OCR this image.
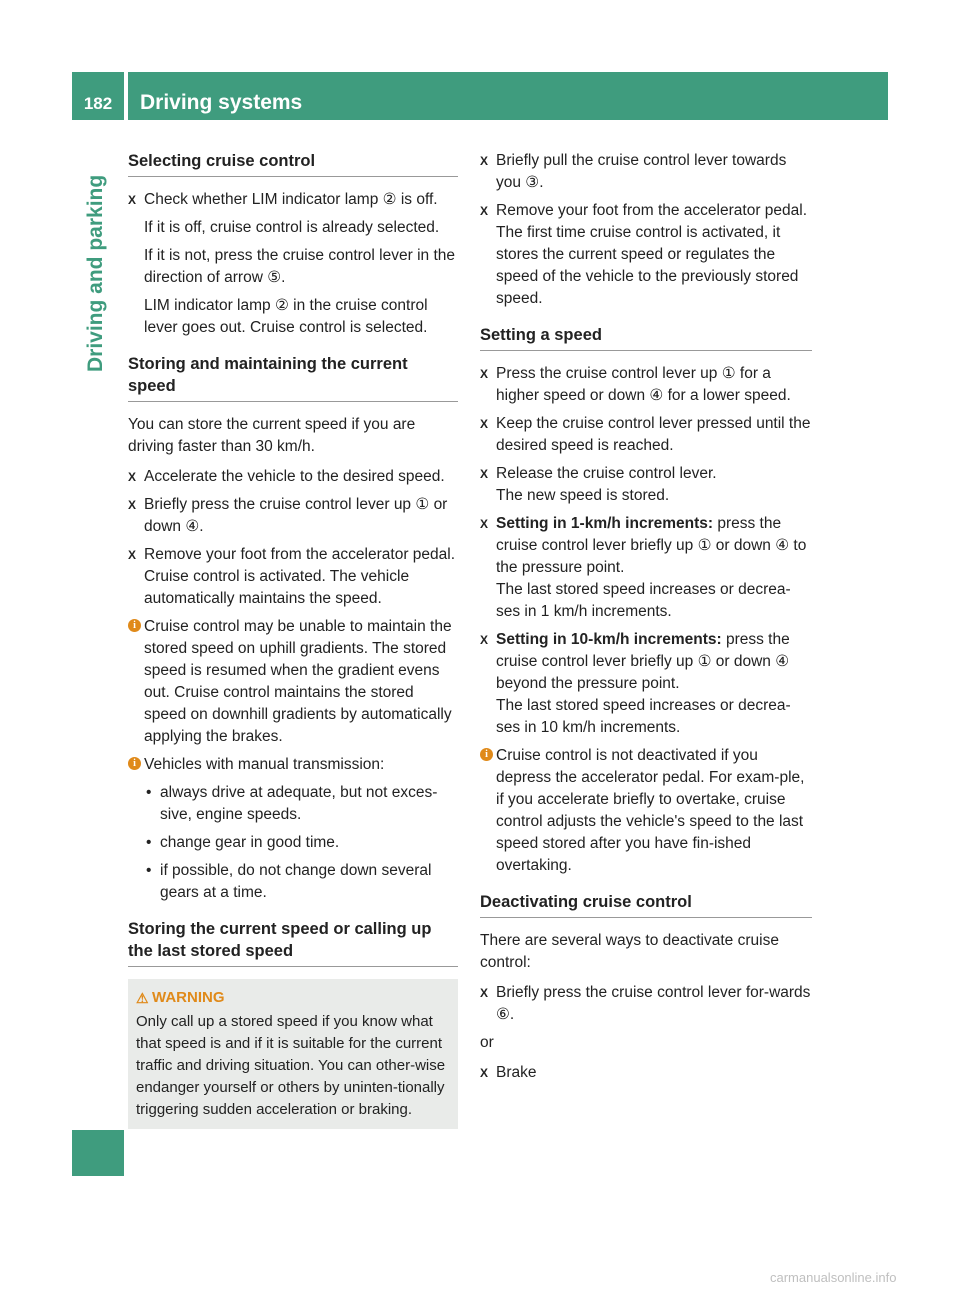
182	Driving systems
Selecting cruise control
X Check whether LIM indicator lamp ② is off.

If it is off, cruise control is already selected.

If it is not, press the cruise control lever in the direction of arrow ⑤.

LIM indicator lamp ② in the cruise control lever goes out. Cruise control is selected.

Storing and maintaining the current speed

You can store the current speed if you are driving faster than 30 km/h.

X Accelerate the vehicle to the desired speed.
X Briefly press the cruise control lever up ① or down ④.
X Remove your foot from the accelerator pedal.

Cruise control is activated. The vehicle automatically maintains the speed.

i Cruise control may be unable to maintain the stored speed on uphill gradients. The stored speed is resumed when the gradient evens out. Cruise control maintains the stored speed on downhill gradients by automatically applying the brakes.
i Vehicles with manual transmission:
• always drive at adequate, but not exces-sive, engine speeds.
• change gear in good time.
• if possible, do not change down several gears at a time.
Storing the current speed or calling up the last stored speed
⚠ WARNING
Only call up a stored speed if you know what that speed is and if it is suitable for the current traffic and driving situation. You can other-wise endanger yourself or others by uninten-tionally triggering sudden acceleration or braking.
X Briefly pull the cruise control lever towards you ③.
X Remove your foot from the accelerator pedal.

The first time cruise control is activated, it stores the current speed or regulates the speed of the vehicle to the previously stored speed.

Setting a speed
X Press the cruise control lever up ① for a higher speed or down ④ for a lower speed.
X Keep the cruise control lever pressed until the desired speed is reached.
X Release the cruise control lever.

The new speed is stored.

X Setting in 1-km/h increments: press the cruise control lever briefly up ① or down ④ to the pressure point.

The last stored speed increases or decrea-ses in 1 km/h increments.

X Setting in 10-km/h increments: press the cruise control lever briefly up ① or down ④ beyond the pressure point.

The last stored speed increases or decrea-ses in 10 km/h increments.

i Cruise control is not deactivated if you depress the accelerator pedal. For exam-ple, if you accelerate briefly to overtake, cruise control adjusts the vehicle's speed to the last speed stored after you have fin-ished overtaking.
Deactivating cruise control

There are several ways to deactivate cruise control:

X Briefly press the cruise control lever for-wards ⑥.

or

X Brake
carmanualsonline.info
